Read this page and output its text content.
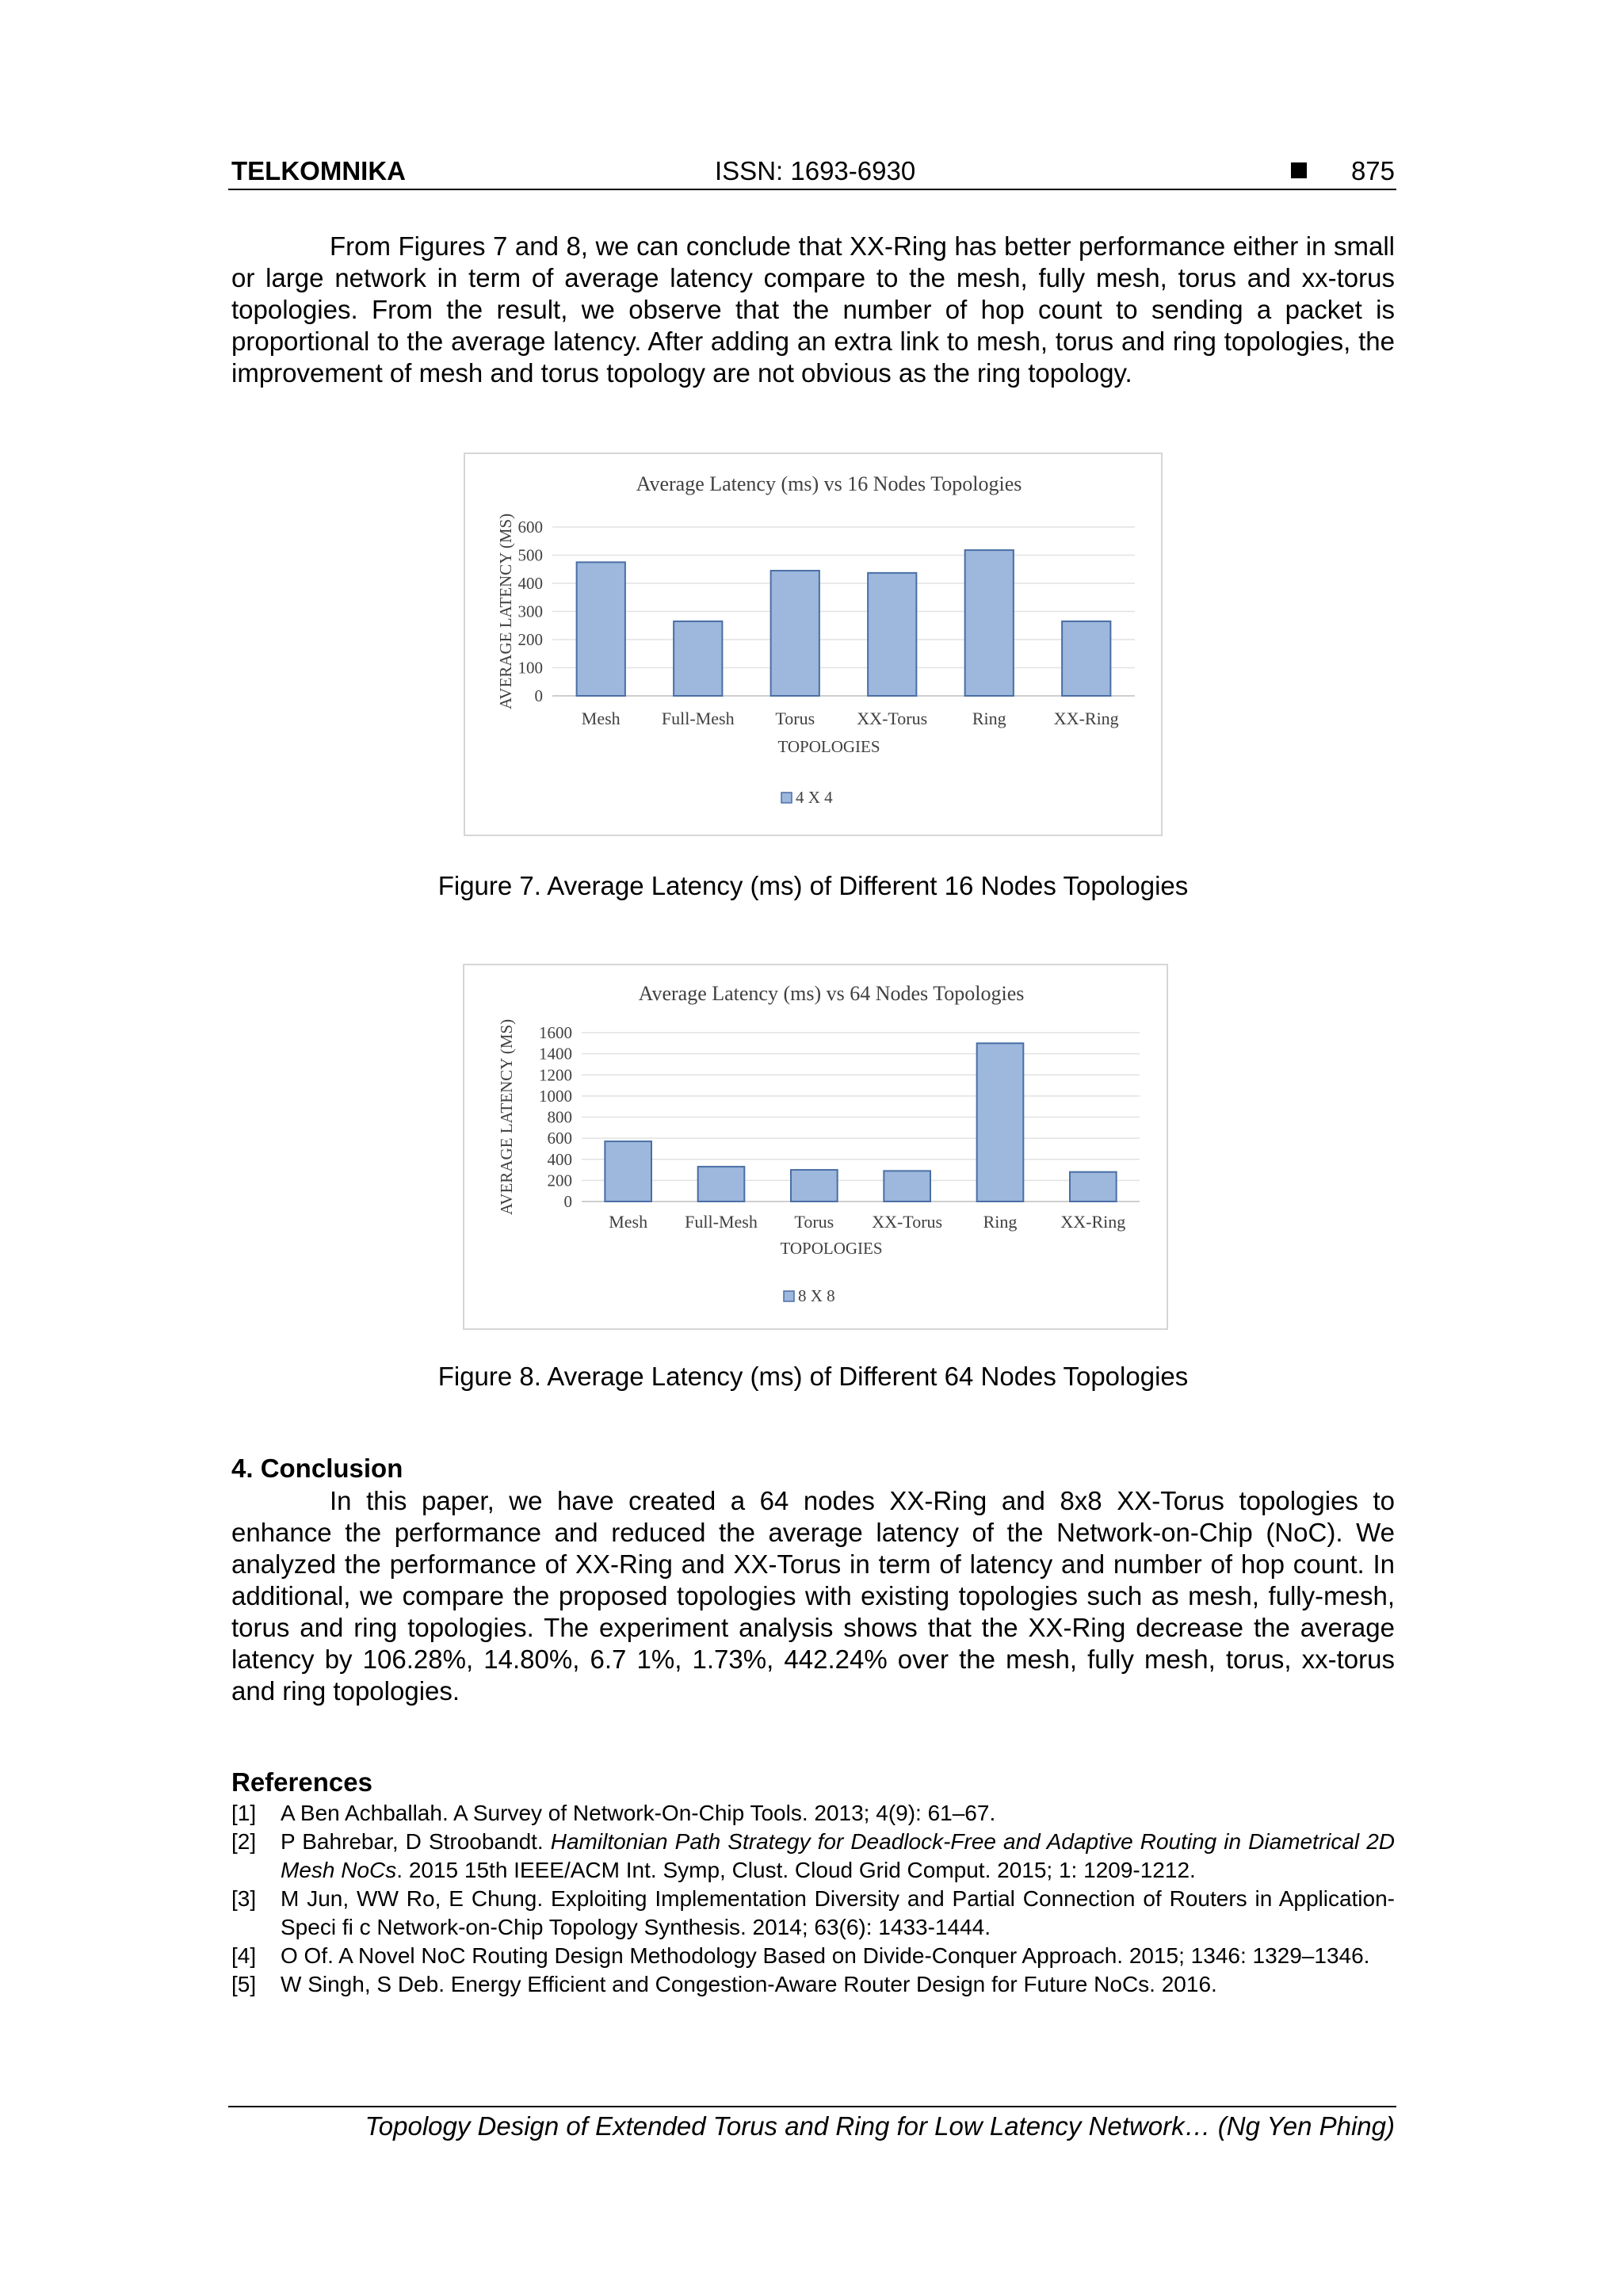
TELKOMNIKA	ISSN: 1693-6930	875

From Figures 7 and 8, we can conclude that XX-Ring has better performance either in small or large network in term of average latency compare to the mesh, fully mesh, torus and xx-torus topologies. From the result, we observe that the number of hop count to sending a packet is proportional to the average latency. After adding an extra link to mesh, torus and ring topologies, the improvement of mesh and torus topology are not obvious as the ring topology.

Average Latency (ms) vs 16 Nodes Topologies
0
100
200
300
400
500
600
Mesh Full-Mesh Torus XX-Torus	Ring	XX-Ring
TOPOLOGIES
AVERAGE LATENCY (MS)
4 X 4

Figure 7. Average Latency (ms) of Different 16 Nodes Topologies

Average Latency (ms) vs 64 Nodes Topologies
0
200
400
600
800
1000
1200
1400
1600
Mesh Full-Mesh Torus XX-Torus Ring XX-Ring
TOPOLOGIES
AVERAGE LATENCY (MS)
8 X 8

Figure 8. Average Latency (ms) of Different 64 Nodes Topologies

4. Conclusion

In this paper, we have created a 64 nodes XX-Ring and 8x8 XX-Torus topologies to enhance the performance and reduced the average latency of the Network-on-Chip (NoC). We analyzed the performance of XX-Ring and XX-Torus in term of latency and number of hop count. In additional, we compare the proposed topologies with existing topologies such as mesh, fully-mesh, torus and ring topologies. The experiment analysis shows that the XX-Ring decrease the average latency by 106.28%, 14.80%, 6.7 1%, 1.73%, 442.24% over the mesh, fully mesh, torus, xx-torus and ring topologies.

References
[1] A Ben Achballah. A Survey of Network-On-Chip Tools. 2013; 4(9): 61–67.
[2] P Bahrebar, D Stroobandt. Hamiltonian Path Strategy for Deadlock-Free and Adaptive Routing in Diametrical 2D Mesh NoCs. 2015 15th IEEE/ACM Int. Symp, Clust. Cloud Grid Comput. 2015; 1: 1209-1212.
[3] M Jun, WW Ro, E Chung. Exploiting Implementation Diversity and Partial Connection of Routers in Application-Speci fi c Network-on-Chip Topology Synthesis. 2014; 63(6): 1433-1444.
[4] O Of. A Novel NoC Routing Design Methodology Based on Divide-Conquer Approach. 2015; 1346: 1329–1346.
[5] W Singh, S Deb. Energy Efficient and Congestion-Aware Router Design for Future NoCs. 2016.

Topology Design of Extended Torus and Ring for Low Latency Network… (Ng Yen Phing)
